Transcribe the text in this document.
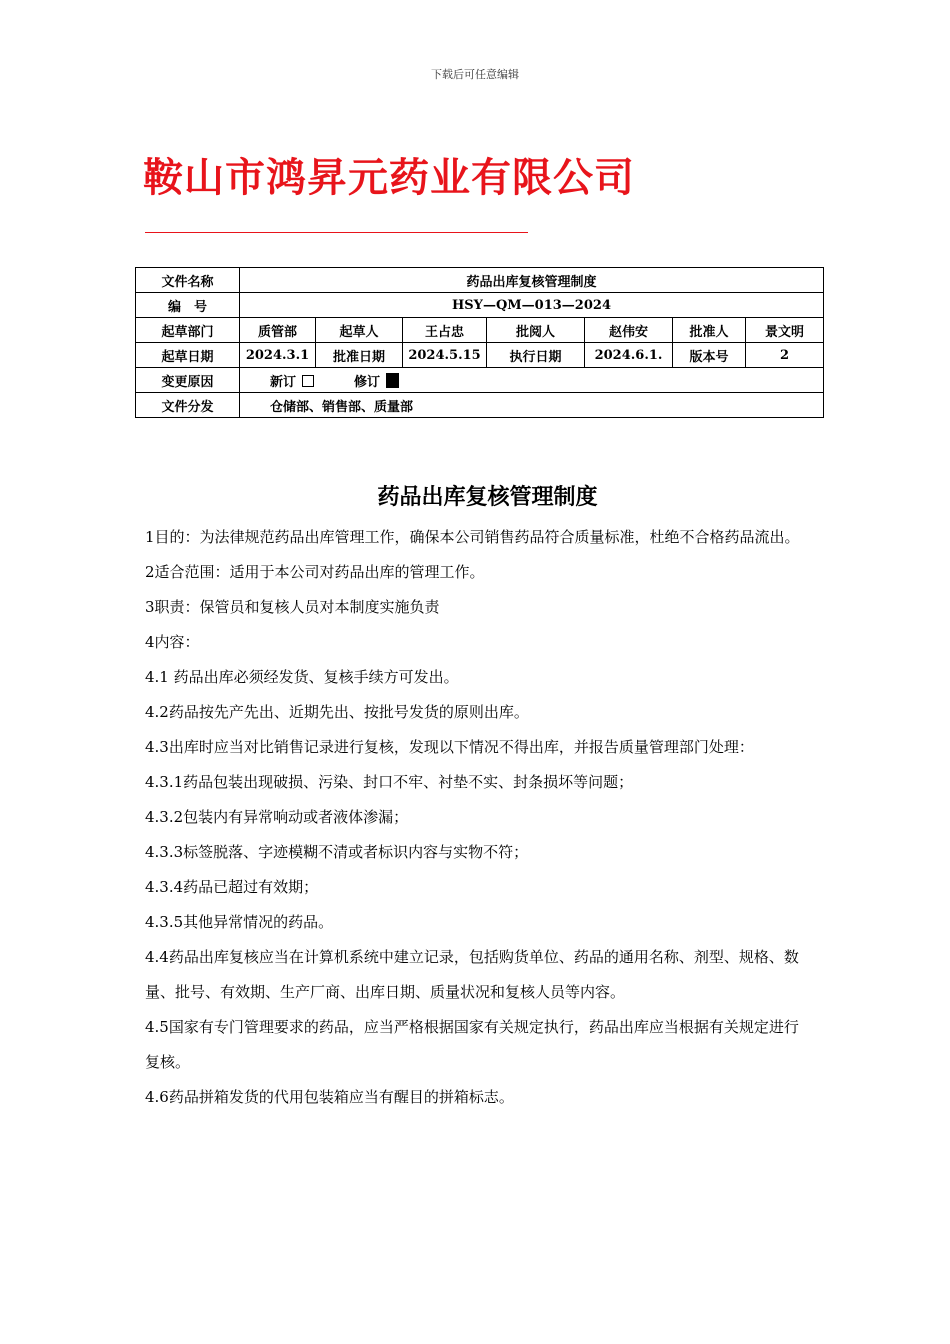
下载后可任意编辑
鞍山市鸿昇元药业有限公司
文件名称	药品出库复核管理制度						
编　号	HSY—QM—013—2024						
起草部门	质管部	起草人	王占忠	批阅人	赵伟安	批准人	景文明
起草日期	2024.3.1	批准日期	2024.5.15	执行日期	2024.6.1.	版本号	2
变更原因	新订 修订						
文件分发	仓储部、销售部、质量部						
药品出库复核管理制度

1目的：为法律规范药品出库管理工作，确保本公司销售药品符合质量标准，杜绝不合格药品流出。

2适合范围：适用于本公司对药品出库的管理工作。

3职责：保管员和复核人员对本制度实施负责

4内容：

4.1 药品出库必须经发货、复核手续方可发出。

4.2药品按先产先出、近期先出、按批号发货的原则出库。

4.3出库时应当对比销售记录进行复核，发现以下情况不得出库，并报告质量管理部门处理：

4.3.1药品包装出现破损、污染、封口不牢、衬垫不实、封条损坏等问题；

4.3.2包装内有异常响动或者液体渗漏；

4.3.3标签脱落、字迹模糊不清或者标识内容与实物不符；

4.3.4药品已超过有效期；

4.3.5其他异常情况的药品。

4.4药品出库复核应当在计算机系统中建立记录，包括购货单位、药品的通用名称、剂型、规格、数量、批号、有效期、生产厂商、出库日期、质量状况和复核人员等内容。

4.5国家有专门管理要求的药品，应当严格根据国家有关规定执行，药品出库应当根据有关规定进行复核。

4.6药品拼箱发货的代用包装箱应当有醒目的拼箱标志。
